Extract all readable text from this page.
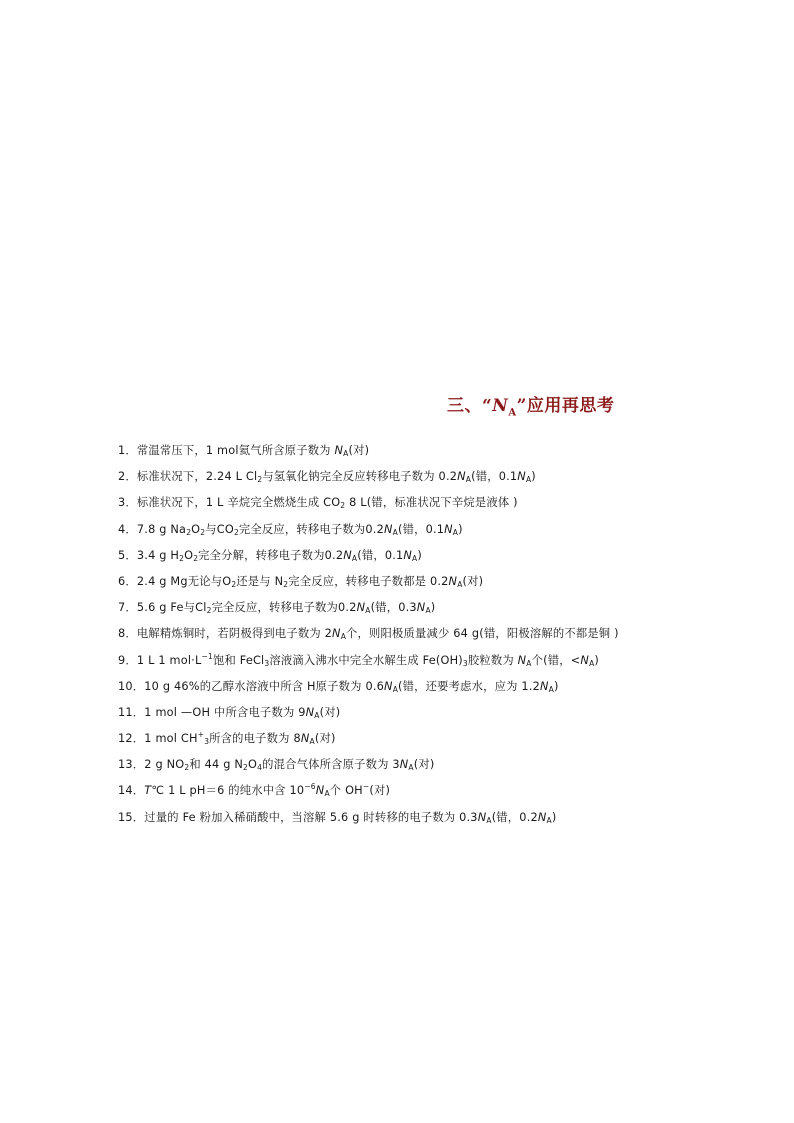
三、“$N_A$”应用再思考
1．常温常压下，1 mol氦气所含原子数为 $N_A$(对)
2．标准状况下，2.24 L $Cl_2$与氢氧化钠完全反应转移电子数为 $0.2N_A$(错，$0.1N_A$)
3．标准状况下，1 L 辛烷完全燃烧生成 $CO_2$ 8 L(错，标准状况下辛烷是液体 )
4．7.8 g $Na_2O_2$与$CO_2$完全反应，转移电子数为$0.2N_A$(错，$0.1N_A$)
5．3.4 g $H_2O_2$完全分解，转移电子数为$0.2N_A$(错，$0.1N_A$)
6．2.4 g Mg无论与$O_2$还是与 $N_2$完全反应，转移电子数都是 $0.2N_A$(对)
7．5.6 g Fe与$Cl_2$完全反应，转移电子数为$0.2N_A$(错，$0.3N_A$)
8．电解精炼铜时，若阴极得到电子数为 $2N_A$个，则阳极质量减少 64 g(错，阳极溶解的不都是铜 )
9．1 L 1 $mol\cdot L^{-1}$饱和 FeCl$_3$溶液滴入沸水中完全水解生成 $Fe(OH)_3$胶粒数为 $N_A$个(错，$<N_A$)
10．10 g 46%的乙醇水溶液中所含 H原子数为 $0.6N_A$(错，还要考虑水，应为 $1.2N_A$)
11．1 mol —OH 中所含电子数为 $9N_A$(对)
12．1 mol $CH^+_3$所含的电子数为 $8N_A$(对)
13．2 g $NO_2$和 44 g $N_2O_4$的混合气体所含原子数为 $3N_A$(对)
14．T℃ 1 L pH＝6 的纯水中含 $10^{-6}N_A$个 OH−(对)
15．过量的 Fe 粉加入稀硝酸中，当溶解 5.6 g 时转移的电子数为 $0.3N_A$(错，$0.2N_A$)
